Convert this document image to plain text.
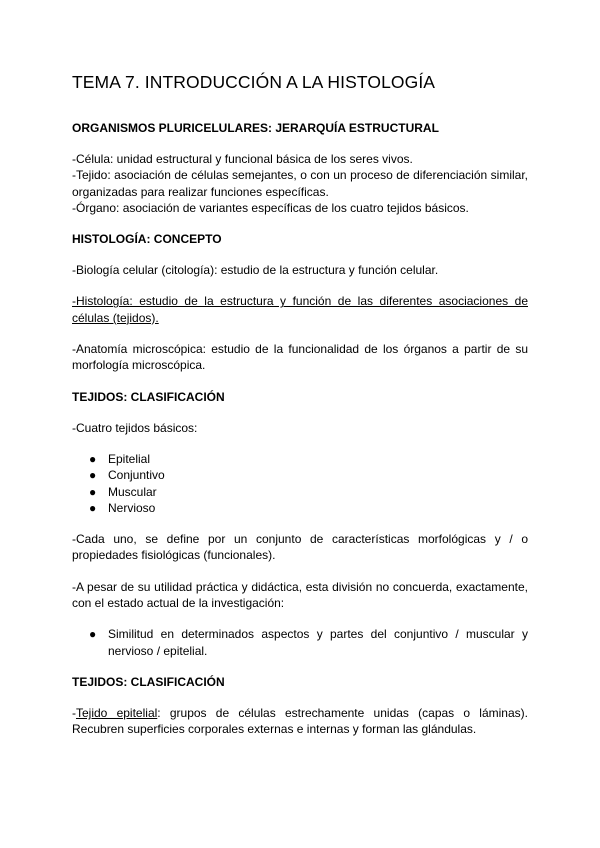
TEMA 7. INTRODUCCIÓN A LA HISTOLOGÍA
ORGANISMOS PLURICELULARES: JERARQUÍA ESTRUCTURAL
-Célula: unidad estructural y funcional básica de los seres vivos.
-Tejido: asociación de células semejantes, o con un proceso de diferenciación similar, organizadas para realizar funciones específicas.
-Órgano: asociación de variantes específicas de los cuatro tejidos básicos.
HISTOLOGÍA: CONCEPTO
-Biología celular (citología): estudio de la estructura y función celular.
-Histología: estudio de la estructura y función de las diferentes asociaciones de células (tejidos).
-Anatomía microscópica: estudio de la funcionalidad de los órganos a partir de su morfología microscópica.
TEJIDOS: CLASIFICACIÓN
-Cuatro tejidos básicos:
● Epitelial
● Conjuntivo
● Muscular
● Nervioso
-Cada uno, se define por un conjunto de características morfológicas y / o propiedades fisiológicas (funcionales).
-A pesar de su utilidad práctica y didáctica, esta división no concuerda, exactamente, con el estado actual de la investigación:
● Similitud en determinados aspectos y partes del conjuntivo / muscular y nervioso / epitelial.
TEJIDOS: CLASIFICACIÓN
-Tejido epitelial: grupos de células estrechamente unidas (capas o láminas). Recubren superficies corporales externas e internas y forman las glándulas.
